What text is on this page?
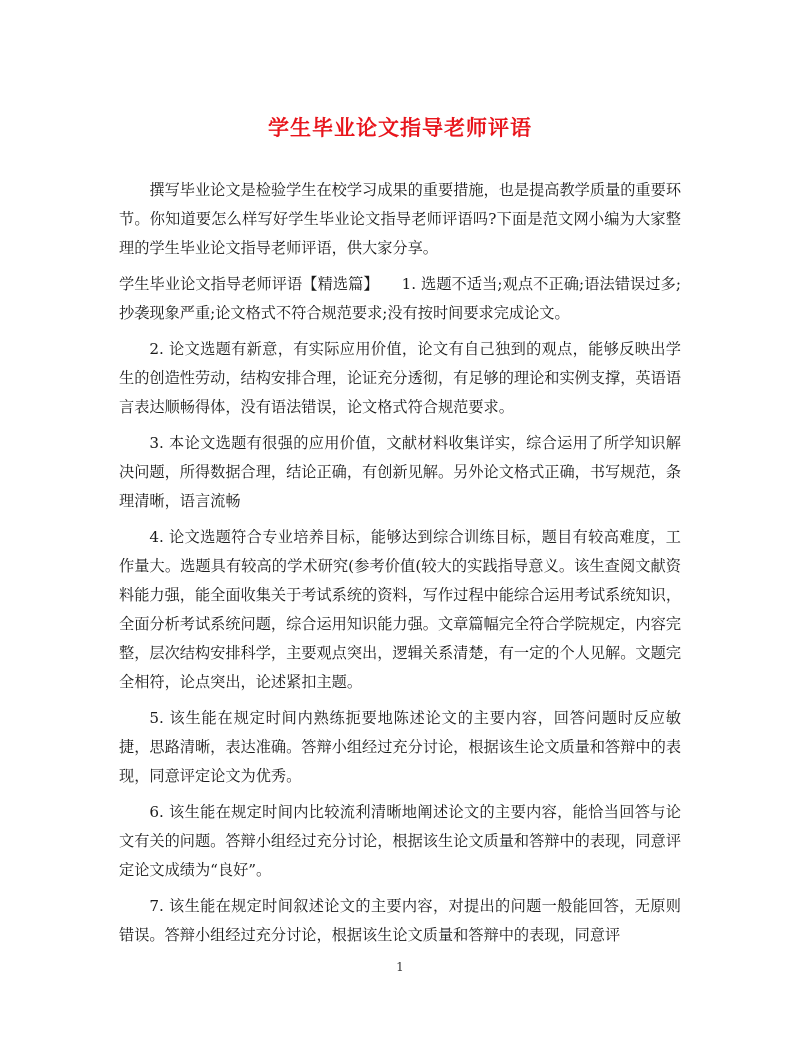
学生毕业论文指导老师评语

撰写毕业论文是检验学生在校学习成果的重要措施，也是提高教学质量的重要环节。你知道要怎么样写好学生毕业论文指导老师评语吗?下面是范文网小编为大家整理的学生毕业论文指导老师评语，供大家分享。

学生毕业论文指导老师评语【精选篇】　　1. 选题不适当;观点不正确;语法错误过多;抄袭现象严重;论文格式不符合规范要求;没有按时间要求完成论文。

2. 论文选题有新意，有实际应用价值，论文有自己独到的观点，能够反映出学生的创造性劳动，结构安排合理，论证充分透彻，有足够的理论和实例支撑，英语语言表达顺畅得体，没有语法错误，论文格式符合规范要求。

3. 本论文选题有很强的应用价值，文献材料收集详实，综合运用了所学知识解决问题，所得数据合理，结论正确，有创新见解。另外论文格式正确，书写规范，条理清晰，语言流畅

4. 论文选题符合专业培养目标，能够达到综合训练目标，题目有较高难度，工作量大。选题具有较高的学术研究(参考价值(较大的实践指导意义。该生查阅文献资料能力强，能全面收集关于考试系统的资料，写作过程中能综合运用考试系统知识，全面分析考试系统问题，综合运用知识能力强。文章篇幅完全符合学院规定，内容完整，层次结构安排科学，主要观点突出，逻辑关系清楚，有一定的个人见解。文题完全相符，论点突出，论述紧扣主题。

5. 该生能在规定时间内熟练扼要地陈述论文的主要内容，回答问题时反应敏捷，思路清晰，表达准确。答辩小组经过充分讨论，根据该生论文质量和答辩中的表现，同意评定论文为优秀。

6. 该生能在规定时间内比较流利清晰地阐述论文的主要内容，能恰当回答与论文有关的问题。答辩小组经过充分讨论，根据该生论文质量和答辩中的表现，同意评定论文成绩为“良好”。

7. 该生能在规定时间叙述论文的主要内容，对提出的问题一般能回答，无原则错误。答辩小组经过充分讨论，根据该生论文质量和答辩中的表现，同意评

1
